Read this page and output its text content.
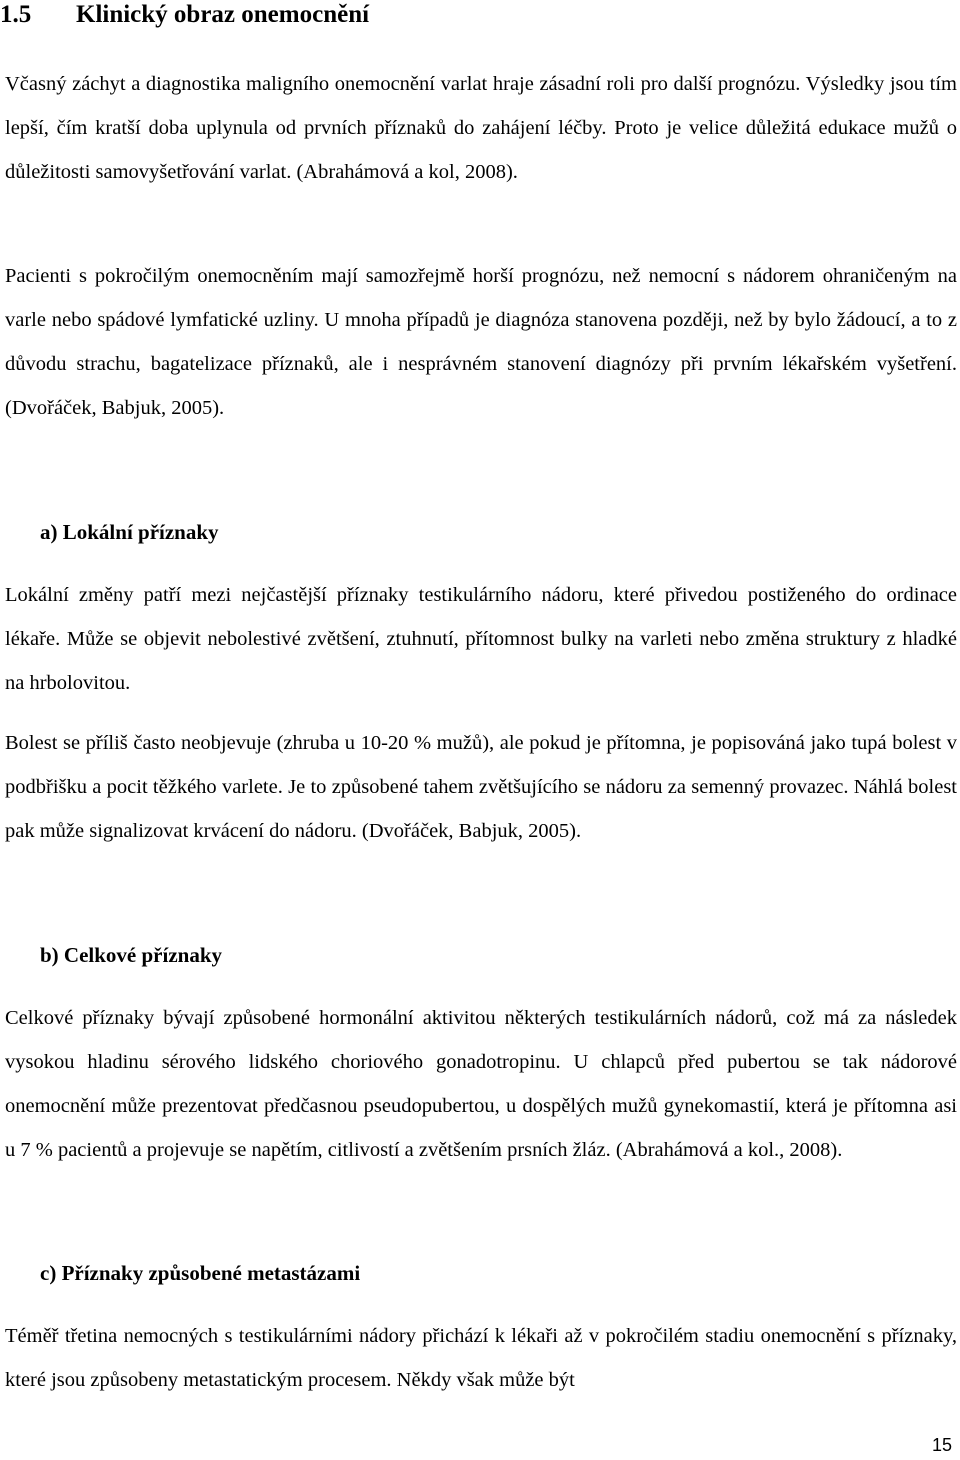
1.5 Klinický obraz onemocnění

Včasný záchyt a diagnostika maligního onemocnění varlat hraje zásadní roli pro další prognózu. Výsledky jsou tím lepší, čím kratší doba uplynula od prvních příznaků do zahájení léčby. Proto je velice důležitá edukace mužů o důležitosti samovyšetřování varlat. (Abrahámová a kol, 2008).

Pacienti s pokročilým onemocněním mají samozřejmě horší prognózu, než nemocní s nádorem ohraničeným na varle nebo spádové lymfatické uzliny. U mnoha případů je diagnóza stanovena později, než by bylo žádoucí, a to z důvodu strachu, bagatelizace příznaků, ale i nesprávném stanovení diagnózy při prvním lékařském vyšetření. (Dvořáček, Babjuk, 2005).

a) Lokální příznaky

Lokální změny patří mezi nejčastější příznaky testikulárního nádoru, které přivedou postiženého do ordinace lékaře. Může se objevit nebolestivé zvětšení, ztuhnutí, přítomnost bulky na varleti nebo změna struktury z hladké na hrbolovitou.

Bolest se příliš často neobjevuje (zhruba u 10-20 % mužů), ale pokud je přítomna, je popisováná jako tupá bolest v podbřišku a pocit těžkého varlete. Je to způsobené tahem zvětšujícího se nádoru za semenný provazec. Náhlá bolest pak může signalizovat krvácení do nádoru. (Dvořáček, Babjuk, 2005).

b) Celkové příznaky

Celkové příznaky bývají způsobené hormonální aktivitou některých testikulárních nádorů, což má za následek vysokou hladinu sérového lidského choriového gonadotropinu. U chlapců před pubertou se tak nádorové onemocnění může prezentovat předčasnou pseudopubertou, u dospělých mužů gynekomastií, která je přítomna asi u 7 % pacientů a projevuje se napětím, citlivostí a zvětšením prsních žláz. (Abrahámová a kol., 2008).

c) Příznaky způsobené metastázami

Téměř třetina nemocných s testikulárními nádory přichází k lékaři až v pokročilém stadiu onemocnění s příznaky, které jsou způsobeny metastatickým procesem. Někdy však může být

15
